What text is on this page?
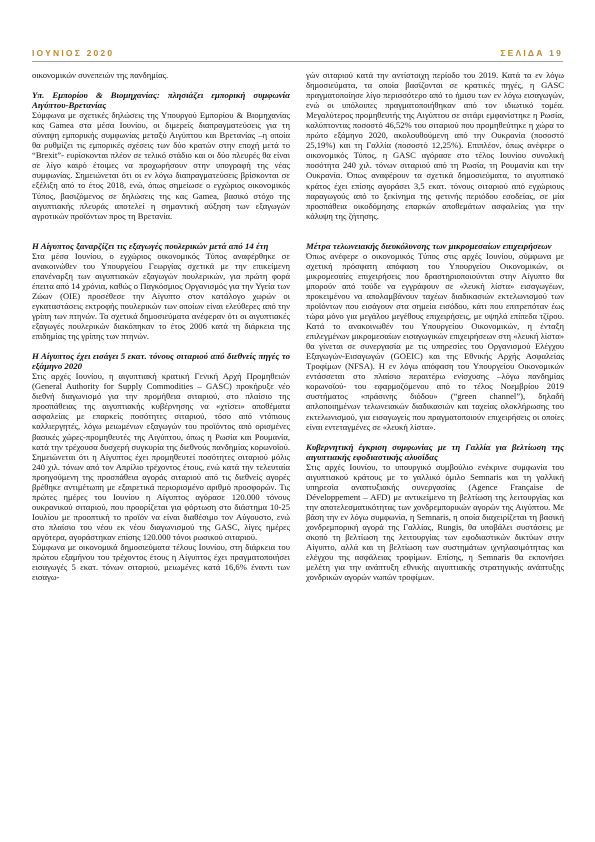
ΙΟΥΝΙΟΣ 2020	ΣΕΛΙΔΑ 19

οικονομικών συνεπειών της πανδημίας.

Υπ. Εμπορίου & Βιομηχανίας: πλησιάζει εμπορική συμφωνία Αιγύπτου-Βρετανίας

Σύμφωνα με σχετικές δηλώσεις της Υπουργού Εμπορίου & Βιομηχανίας κας Gamea στα μέσα Ιουνίου, οι διμερείς διαπραγματεύσεις για τη σύναψη εμπορικής συμφωνίας μεταξύ Αιγύπτου και Βρετανίας –η οποία θα ρυθμίζει τις εμπορικές σχέσεις των δύο κρατών στην εποχή μετά το “Brexit”- ευρίσκονται πλέον σε τελικό στάδιο και οι δύο πλευρές θα είναι σε λίγο καιρό έτοιμες να προχωρήσουν στην υπογραφή της νέας συμφωνίας. Σημειώνεται ότι οι εν λόγω διαπραγματεύσεις βρίσκονται σε εξέλιξη από το έτος 2018, ενώ, όπως σημείωσε ο εγχώριος οικονομικός Τύπος, βασιζόμενος σε δηλώσεις της κας Gamea, βασικό στόχο της αιγυπτιακής πλευράς αποτελεί η σημαντική αύξηση των εξαγωγών αγροτικών προϊόντων προς τη Βρετανία.

Η Αίγυπτος ξαναρζίζει τις εξαγωγές πουλερικών μετά από 14 έτη

Στα μέσα Ιουνίου, ο εγχώριος οικονομικός Τύπος αναφέρθηκε σε ανακοινώθεν του Υπουργείου Γεωργίας σχετικά με την επικείμενη επανέναρξη των αιγυπτιακών εξαγωγών πουλερικών, για πρώτη φορά έπειτα από 14 χρόνια, καθώς ο Παγκόσμιος Οργανισμός για την Υγεία των Ζώων (OIE) προσέθεσε την Αίγυπτο στον κατάλογο χωρών οι εγκαταστάσεις εκτροφής πουλερικών των οποίων είναι ελεύθερες από την γρίπη των πτηνών. Τα σχετικά δημοσιεύματα ανέφεραν ότι οι αιγυπτιακές εξαγωγές πουλερικών διακόπηκαν το έτος 2006 κατά τη διάρκεια της επιδημίας της γρίπης των πτηνών.

Η Αίγυπτος έχει εισάγει 5 εκατ. τόνους σιταριού από διεθνείς πηγές το εξάμηνο 2020

Στις αρχές Ιουνίου, η αιγυπτιακή κρατική Γενική Αρχή Προμηθειών (General Authority for Supply Commodities – GASC) προκήρυξε νέο διεθνή διαγωνισμό για την προμήθεια σιταριού, στο πλαίσιο της προσπάθειας της αιγυπτιακής κυβέρνησης να «χτίσει» αποθέματα ασφαλείας με επαρκείς ποσότητες σιταριού, τόσο από ντόπιους καλλιεργητές, λόγω μειωμένων εξαγωγών του προϊόντος από ορισμένες βασικές χώρες-προμηθευτές της Αιγύπτου, όπως η Ρωσία και Ρουμανία, κατά την τρέχουσα δυσχερή συγκυρία της διεθνούς πανδημίας κορωνοϊού. Σημειώνεται ότι η Αίγυπτος έχει προμηθευτεί ποσότητες σιταριού μόλις 240 χιλ. τόνων από τον Απρίλιο τρέχοντος έτους, ενώ κατά την τελευταία προηγούμενη της προσπάθεια αγοράς σιταριού από τις διεθνείς αγορές βρέθηκε αντιμέτωπη με εξαιρετικά περιορισμένο αριθμό προσφορών. Τις πρώτες ημέρες του Ιουνίου η Αίγυπτος αγόρασε 120.000 τόνους ουκρανικού σιταριού, που προορίζεται για φόρτωση στο διάστημα 10-25 Ιουλίου με προοπτική το προϊόν να είναι διαθέσιμο τον Αύγουστο, ενώ στο πλαίσιο του νέου εκ νέου διαγωνισμού της GASC, λίγες ημέρες αργότερα, αγοράστηκαν επίσης 120.000 τόνοι ρωσικού σιταριού.

Σύμφωνα με οικονομικά δημοσιεύματα τέλους Ιουνίου, στη διάρκεια του πρώτου εξαμήνου του τρέχοντος έτους η Αίγυπτος έχει πραγματοποιήσει εισαγωγές 5 εκατ. τόνων σιταριού, μειωμένες κατά 16,6% έναντι των εισαγω-

γών σιταριού κατά την αντίστοιχη περίοδο του 2019. Κατά τα εν λόγω δημοσιεύματα, τα οποία βασίζονται σε κρατικές πηγές, η GASC πραγματοποίησε λίγο περισσότερο από το ήμισυ των εν λόγω εισαγωγών, ενώ οι υπόλοιπες πραγματοποιήθηκαν από τον ιδιωτικό τομέα. Μεγαλύτερος προμηθευτής της Αιγύπτου σε σιτάρι εμφανίστηκε η Ρωσία, καλύπτοντας ποσοστό 46,52% του σιταριού που προμηθεύτηκε η χώρα το πρώτο εξάμηνο 2020, ακολουθούμενη από την Ουκρανία (ποσοστό 25,19%) και τη Γαλλία (ποσοστό 12,25%). Επιπλέον, όπως ανέφερε ο οικονομικός Τύπος, η GASC αγόρασε στο τέλος Ιουνίου συνολική ποσότητα 240 χιλ. τόνων σιταριού από τη Ρωσία, τη Ρουμανία και την Ουκρανία. Όπως αναφέρουν τα σχετικά δημοσιεύματα, το αιγυπτιακό κράτος έχει επίσης αγοράσει 3,5 εκατ. τόνους σιταριού από εγχώριους παραγωγούς από το ξεκίνημα της φετινής περιόδου εσοδείας, σε μία προσπάθεια οικοδόμησης επαρκών αποθεμάτων ασφαλείας για την κάλυψη της ζήτησης.

Μέτρα τελωνειακής διευκόλυνσης των μικρομεσαίων επιχειρήσεων

Όπως ανέφερε ο οικονομικός Τύπος στις αρχές Ιουνίου, σύμφωνα με σχετική πρόσφατη απόφαση του Υπουργείου Οικονομικών, οι μικρομεσαίες επιχειρήσεις που δραστηριοποιούνται στην Αίγυπτο θα μπορούν από τούδε να εγγράφουν σε «λευκή λίστα» εισαγωγέων, προκειμένου να απολαμβάνουν ταχέων διαδικασιών εκτελωνισμού των προϊόντων που εισάγουν στα σημεία εισόδου, κάτι που επιτρεπόταν έως τώρα μόνο για μεγάλου μεγέθους επιχειρήσεις, με υψηλά επίπεδα τζίρου. Κατά το ανακοινωθέν του Υπουργείου Οικονομικών, η ένταξη επιλεγμένων μικρομεσαίων εισαγωγικών επιχειρήσεων στη «λευκή λίστα» θα γίνεται σε συνεργασία με τις υπηρεσίες του Οργανισμού Ελέγχου Εξαγωγών-Εισαγωγών (GOEIC) και της Εθνικής Αρχής Ασφαλείας Τροφίμων (NFSA). Η εν λόγω απόφαση του Υπουργείου Οικονομικών εντάσσεται στο πλαίσιο περαιτέρω ενίσχυσης –λόγω πανδημίας κορωνοϊού- του εφαρμοζόμενου από το τέλος Νοεμβρίου 2019 συστήματος «πράσινης διόδου» (“green channel”), δηλαδή απλοποιημένων τελωνειακών διαδικασιών και ταχείας ολοκλήρωσης του εκτελωνισμού, για εισαγωγείς που πραγματοποιούν επιχειρήσεις οι οποίες είναι εντεταγμένες σε «λευκή λίστα».

Κυβερνητική έγκριση συμφωνίας με τη Γαλλία για βελτίωση της αιγυπτιακής εφοδιαστικής αλυσίδας

Στις αρχές Ιουνίου, το υπουργικό συμβούλιο ενέκρινε συμφωνία του αιγυπτιακού κράτους με το γαλλικό όμιλο Semnaris και τη γαλλική υπηρεσία αναπτυξιακής συνεργασίας (Agence Française de Développement – AFD) με αντικείμενο τη βελτίωση της λειτουργίας και την αποτελεσματικότητας των χονδρεμπορικών αγορών της Αιγύπτου. Με βάση την εν λόγω συμφωνία, η Semnaris, η οποία διαχειρίζεται τη βασική χονδρεμπορική αγορά της Γαλλίας, Rungis, θα υποβάλει συστάσεις με σκοπό τη βελτίωση της λειτουργίας των εφοδιαστικών δικτύων στην Αίγυπτο, αλλά και τη βελτίωση των συστημάτων ιχνηλασιμότητας και ελέγχου της ασφάλειας τροφίμων. Επίσης, η Semnaris θα εκπονήσει μελέτη για την ανάπτυξη εθνικής αιγυπτιακής στρατηγικής ανάπτυξης χονδρικών αγορών νωπών τροφίμων.
